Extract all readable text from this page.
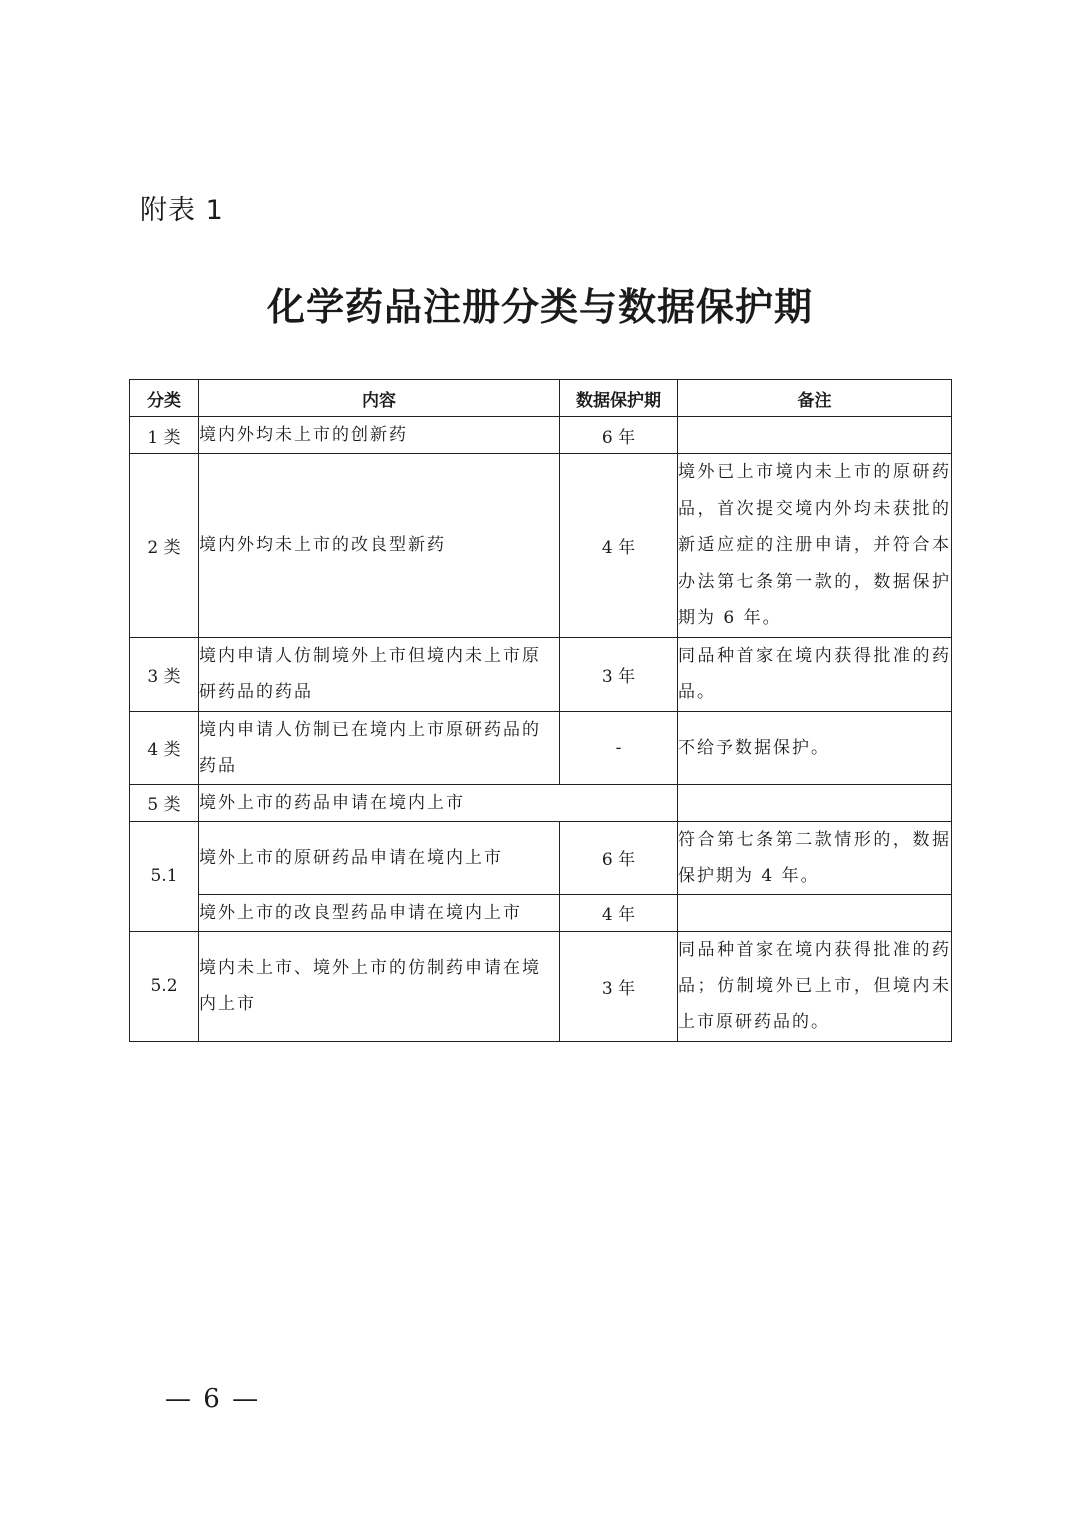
附表 1
化学药品注册分类与数据保护期
分类	内容	数据保护期	备注
1 类	境内外均未上市的创新药	6 年	
2 类	境内外均未上市的改良型新药	4 年	境外已上市境内未上市的原研药品，首次提交境内外均未获批的新适应症的注册申请，并符合本办法第七条第一款的，数据保护期为 6 年。
3 类	境内申请人仿制境外上市但境内未上市原研药品的药品	3 年	同品种首家在境内获得批准的药品。
4 类	境内申请人仿制已在境内上市原研药品的药品	-	不给予数据保护。
5 类	境外上市的药品申请在境内上市		
5.1	境外上市的原研药品申请在境内上市	6 年	符合第七条第二款情形的，数据保护期为 4 年。
	境外上市的改良型药品申请在境内上市	4 年	
5.2	境内未上市、境外上市的仿制药申请在境内上市	3 年	同品种首家在境内获得批准的药品；仿制境外已上市，但境内未上市原研药品的。
— 6 —
